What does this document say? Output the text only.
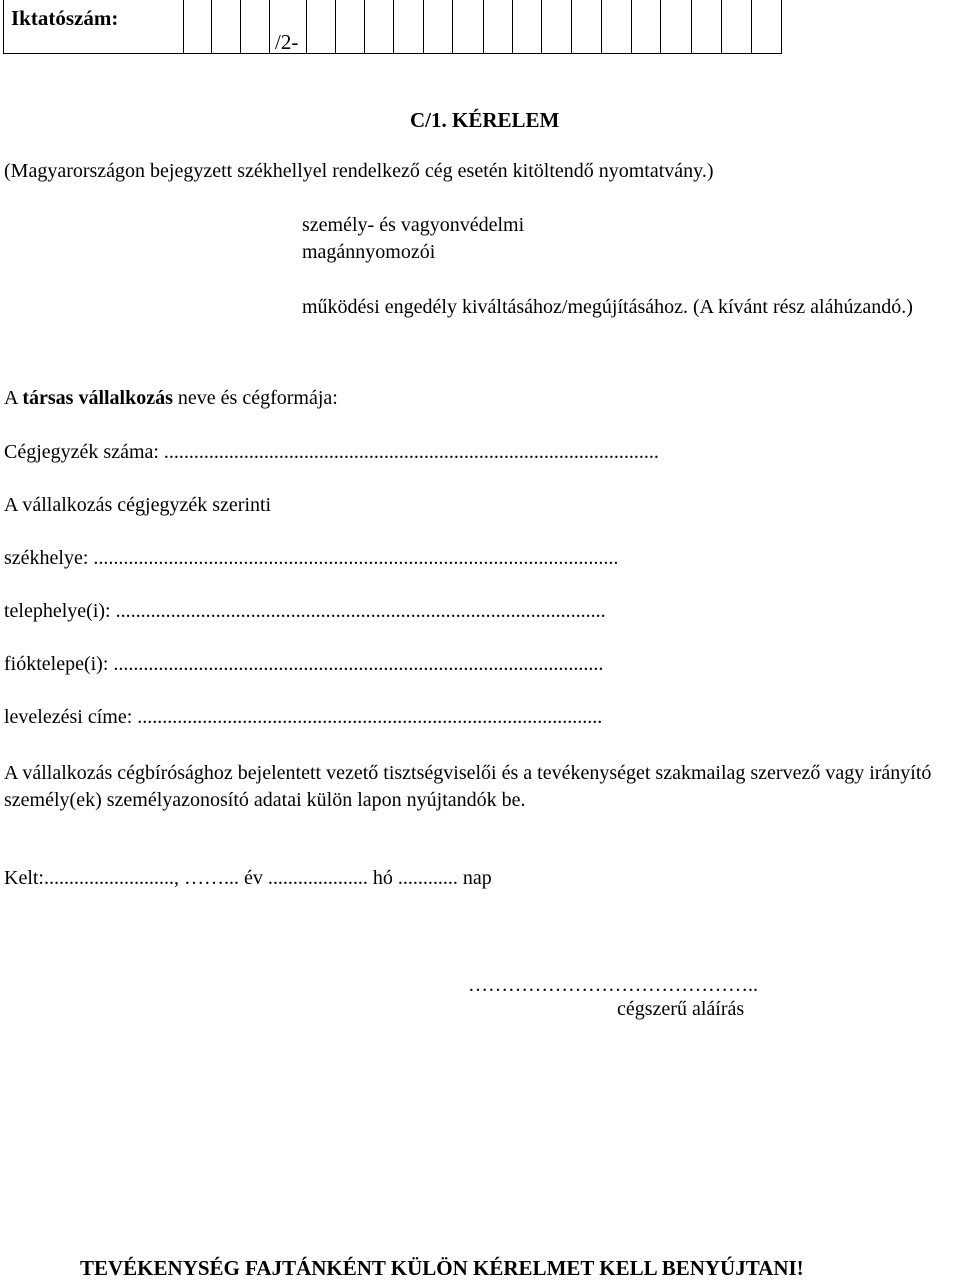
Iktatószám:
/2-
C/1. KÉRELEM
(Magyarországon bejegyzett székhellyel rendelkező cég esetén kitöltendő nyomtatvány.)
személy- és vagyonvédelmi
magánnyomozói
működési engedély kiváltásához/megújításához. (A kívánt rész aláhúzandó.)
A társas vállalkozás neve és cégformája:
Cégjegyzék száma: ...................................................................................................
A vállalkozás cégjegyzék szerinti
székhelye: .........................................................................................................
telephelye(i): ..................................................................................................
fióktelepe(i): ..................................................................................................
levelezési címe: .............................................................................................
A vállalkozás cégbírósághoz bejelentett vezető tisztségviselői és a tevékenységet szakmailag szervező vagy irányító személy(ek) személyazonosító adatai külön lapon nyújtandók be.
Kelt:.........................., ……... év .................... hó ............ nap
……………………………………..
cégszerű aláírás
TEVÉKENYSÉG FAJTÁNKÉNT KÜLÖN KÉRELMET KELL BENYÚJTANI!
